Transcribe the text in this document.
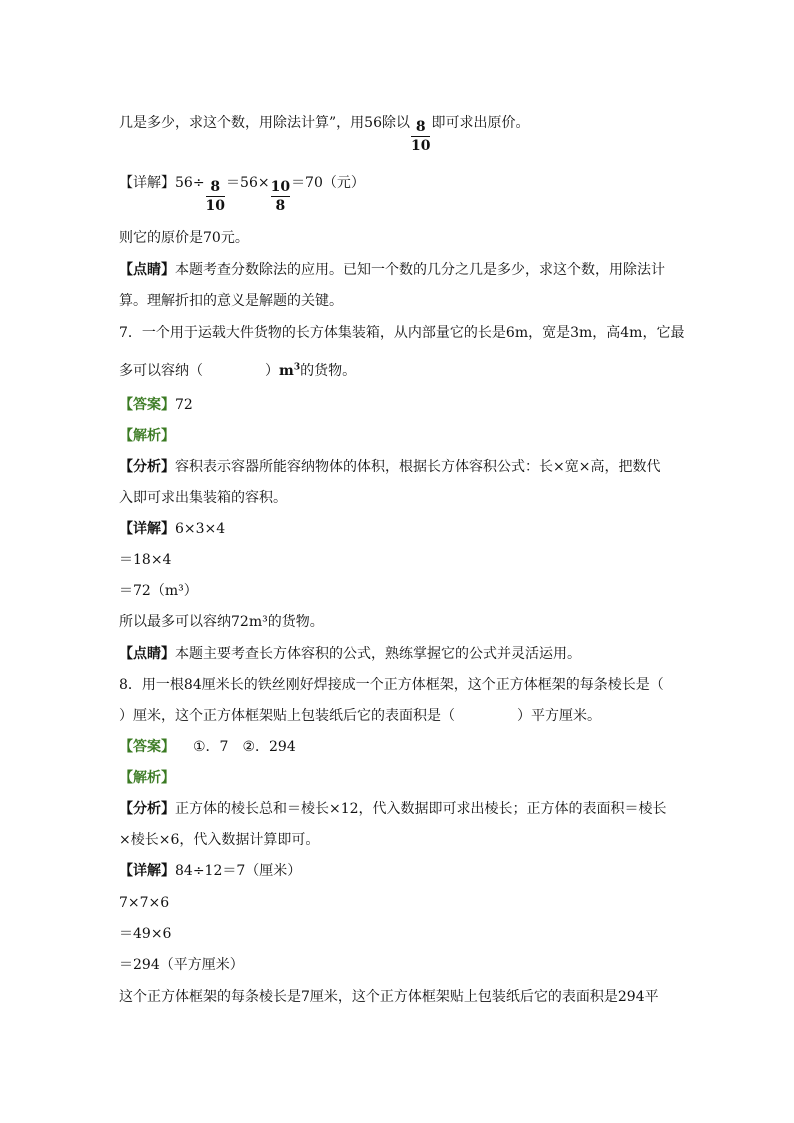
几是多少，求这个数，用除法计算”，用56除以 $\frac{8}{10}$ 即可求出原价。
【详解】$56\div \frac{8}{10} =56\times \frac{10}{8} =70$（元）
则它的原价是70元。
【点睛】本题考查分数除法的应用。已知一个数的几分之几是多少，求这个数，用除法计
算。理解折扣的意义是解题的关键。
7．一个用于运载大件货物的长方体集装箱，从内部量它的长是6m，宽是3m，高4m，它最
多可以容纳（	）$m^3$的货物。
【答案】72
【解析】
【分析】容积表示容器所能容纳物体的体积，根据长方体容积公式：长×宽×高，把数代
入即可求出集装箱的容积。
【详解】6×3×4
＝18×4
＝72（m³）
所以最多可以容纳72m³的货物。
【点睛】本题主要考查长方体容积的公式，熟练掌握它的公式并灵活运用。
8．用一根84厘米长的铁丝刚好焊接成一个正方体框架，这个正方体框架的每条棱长是（
）厘米，这个正方体框架贴上包装纸后它的表面积是（	）平方厘米。
【答案】 ①．7　②．294
【解析】
【分析】正方体的棱长总和＝棱长×12，代入数据即可求出棱长；正方体的表面积＝棱长
×棱长×6，代入数据计算即可。
【详解】84÷12＝7（厘米）
7×7×6
＝49×6
＝294（平方厘米）
这个正方体框架的每条棱长是7厘米，这个正方体框架贴上包装纸后它的表面积是294平
